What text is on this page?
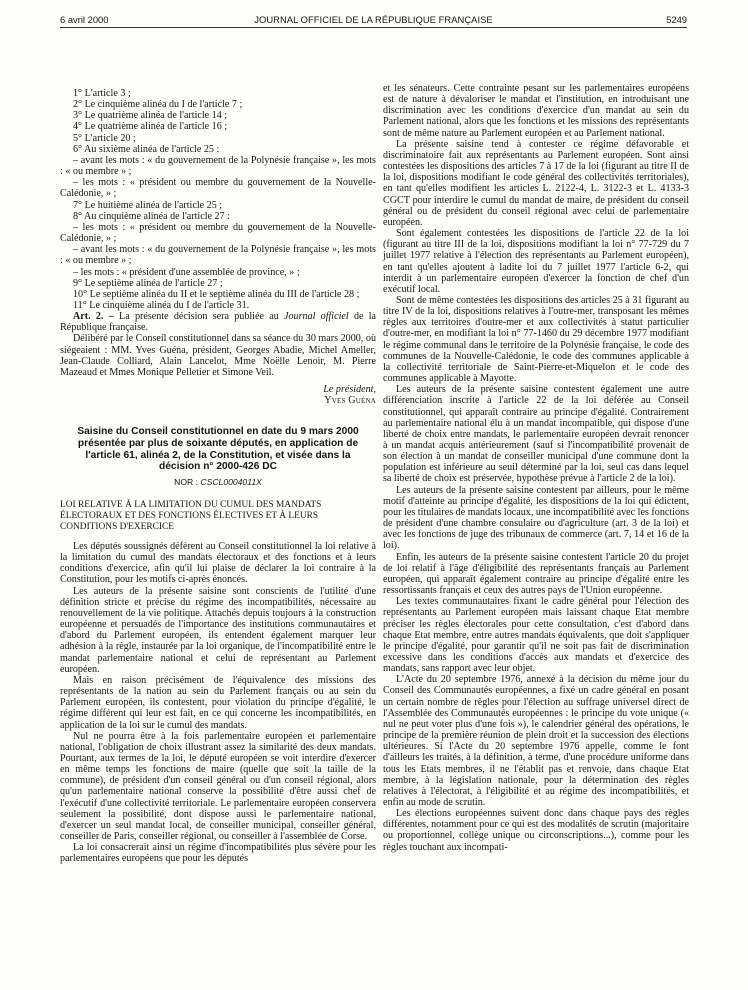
6 avril 2000	JOURNAL OFFICIEL DE LA RÉPUBLIQUE FRANÇAISE	5249

1° L'article 3 ;

2° Le cinquième alinéa du I de l'article 7 ;

3° Le quatrième alinéa de l'article 14 ;

4° Le quatrième alinéa de l'article 16 ;

5° L'article 20 ;

6° Au sixième alinéa de l'article 25 :

– avant les mots : « du gouvernement de la Polynésie française », les mots : « ou membre » ;

– les mots : « président ou membre du gouvernement de la Nouvelle-Calédonie, » ;

7° Le huitième alinéa de l'article 25 ;

8° Au cinquième alinéa de l'article 27 :

– les mots : « président ou membre du gouvernement de la Nouvelle-Calédonie, » ;

– avant les mots : « du gouvernement de la Polynésie française », les mots : « ou membre » ;

– les mots : « président d'une assemblée de province, » ;

9° Le septième alinéa de l'article 27 ;

10° Le septième alinéa du II et le septième alinéa du III de l'article 28 ;

11° Le cinquième alinéa du I de l'article 31.

Art. 2. – La présente décision sera publiée au Journal officiel de la République française.

Délibéré par le Conseil constitutionnel dans sa séance du 30 mars 2000, où siégeaient : MM. Yves Guéna, président, Georges Abadie, Michel Ameller, Jean-Claude Colliard, Alain Lancelot, Mme Noëlle Lenoir, M. Pierre Mazeaud et Mmes Monique Pelletier et Simone Veil.

Le président,
Yves Guéna
Saisine du Conseil constitutionnel en date du 9 mars 2000 présentée par plus de soixante députés, en application de l'article 61, alinéa 2, de la Constitution, et visée dans la décision n° 2000-426 DC
NOR : CSCL0004011X
LOI RELATIVE À LA LIMITATION DU CUMUL DES MANDATS ÉLECTORAUX ET DES FONCTIONS ÉLECTIVES ET À LEURS CONDITIONS D'EXERCICE

Les députés soussignés défèrent au Conseil constitutionnel la loi relative à la limitation du cumul des mandats électoraux et des fonctions et à leurs conditions d'exercice, afin qu'il lui plaise de déclarer la loi contraire à la Constitution, pour les motifs ci-après énoncés.

Les auteurs de la présente saisine sont conscients de l'utilité d'une définition stricte et précise du régime des incompatibilités, nécessaire au renouvellement de la vie politique. Attachés depuis toujours à la construction européenne et persuadés de l'importance des institutions communautaires et d'abord du Parlement européen, ils entendent également marquer leur adhésion à la règle, instaurée par la loi organique, de l'incompatibilité entre le mandat parlementaire national et celui de représentant au Parlement européen.

Mais en raison précisément de l'équivalence des missions des représentants de la nation au sein du Parlement français ou au sein du Parlement européen, ils contestent, pour violation du principe d'égalité, le régime différent qui leur est fait, en ce qui concerne les incompatibilités, en application de la loi sur le cumul des mandats.

Nul ne pourra être à la fois parlementaire européen et parlementaire national, l'obligation de choix illustrant assez la similarité des deux mandats. Pourtant, aux termes de la loi, le député européen se voit interdire d'exercer en même temps les fonctions de maire (quelle que soit la taille de la commune), de président d'un conseil général ou d'un conseil régional, alors qu'un parlementaire national conserve la possibilité d'être aussi chef de l'exécutif d'une collectivité territoriale. Le parlementaire européen conservera seulement la possibilité, dont dispose aussi le parlementaire national, d'exercer un seul mandat local, de conseiller municipal, conseiller général, conseiller de Paris, conseiller régional, ou conseiller à l'assemblée de Corse.

La loi consacrerait ainsi un régime d'incompatibilités plus sévère pour les parlementaires européens que pour les députés

et les sénateurs. Cette contrainte pesant sur les parlementaires européens est de nature à dévaloriser le mandat et l'institution, en introduisant une discrimination avec les conditions d'exercice d'un mandat au sein du Parlement national, alors que les fonctions et les missions des représentants sont de même nature au Parlement européen et au Parlement national.

La présente saisine tend à contester ce régime défavorable et discriminatoire fait aux représentants au Parlement européen. Sont ainsi contestées les dispositions des articles 7 à 17 de la loi (figurant au titre II de la loi, dispositions modifiant le code général des collectivités territoriales), en tant qu'elles modifient les articles L. 2122-4, L. 3122-3 et L. 4133-3 CGCT pour interdire le cumul du mandat de maire, de président du conseil général ou de président du conseil régional avec celui de parlementaire européen.

Sont également contestées les dispositions de l'article 22 de la loi (figurant au titre III de la loi, dispositions modifiant la loi n° 77-729 du 7 juillet 1977 relative à l'élection des représentants au Parlement européen), en tant qu'elles ajoutent à ladite loi du 7 juillet 1977 l'article 6-2, qui interdit à un parlementaire européen d'exercer la fonction de chef d'un exécutif local.

Sont de même contestées les dispositions des articles 25 à 31 figurant au titre IV de la loi, dispositions relatives à l'outre-mer, transposant les mêmes règles aux territoires d'outre-mer et aux collectivités à statut particulier d'outre-mer, en modifiant la loi n° 77-1460 du 29 décembre 1977 modifiant le régime communal dans le territoire de la Polynésie française, le code des communes de la Nouvelle-Calédonie, le code des communes applicable à la collectivité territoriale de Saint-Pierre-et-Miquelon et le code des communes applicable à Mayotte.

Les auteurs de la présente saisine contestent également une autre différenciation inscrite à l'article 22 de la loi déférée au Conseil constitutionnel, qui apparaît contraire au principe d'égalité. Contrairement au parlementaire national élu à un mandat incompatible, qui dispose d'une liberté de choix entre mandats, le parlementaire européen devrait renoncer à un mandat acquis antérieurement (sauf si l'incompatibilité provenait de son élection à un mandat de conseiller municipal d'une commune dont la population est inférieure au seuil déterminé par la loi, seul cas dans lequel sa liberté de choix est préservée, hypothèse prévue à l'article 2 de la loi).

Les auteurs de la présente saisine contestent par ailleurs, pour le même motif d'atteinte au principe d'égalité, les dispositions de la loi qui édictent, pour les titulaires de mandats locaux, une incompatibilité avec les fonctions de président d'une chambre consulaire ou d'agriculture (art. 3 de la loi) et avec les fonctions de juge des tribunaux de commerce (art. 7, 14 et 16 de la loi).

Enfin, les auteurs de la présente saisine contestent l'article 20 du projet de loi relatif à l'âge d'éligibilité des représentants français au Parlement européen, qui apparaît également contraire au principe d'égalité entre les ressortissants français et ceux des autres pays de l'Union européenne.

Les textes communautaires fixant le cadre général pour l'élection des représentants au Parlement européen mais laissant chaque Etat membre préciser les règles électorales pour cette consultation, c'est d'abord dans chaque Etat membre, entre autres mandats équivalents, que doit s'appliquer le principe d'égalité, pour garantir qu'il ne soit pas fait de discrimination excessive dans les conditions d'accès aux mandats et d'exercice des mandats, sans rapport avec leur objet.

L'Acte du 20 septembre 1976, annexé à la décision du même jour du Conseil des Communautés européennes, a fixé un cadre général en posant un certain nombre de règles pour l'élection au suffrage universel direct de l'Assemblée des Communautés européennes : le principe du vote unique (« nul ne peut voter plus d'une fois »), le calendrier général des opérations, le principe de la première réunion de plein droit et la succession des élections ultérieures. Si l'Acte du 20 septembre 1976 appelle, comme le font d'ailleurs les traités, à la définition, à terme, d'une procédure uniforme dans tous les Etats membres, il ne l'établit pas et renvoie, dans chaque Etat membre, à la législation nationale, pour la détermination des règles relatives à l'électorat, à l'éligibilité et au régime des incompatibilités, et enfin au mode de scrutin.

Les élections européennes suivent donc dans chaque pays des règles différentes, notamment pour ce qui est des modalités de scrutin (majoritaire ou proportionnel, collège unique ou circonscriptions...), comme pour les règles touchant aux incompati-
